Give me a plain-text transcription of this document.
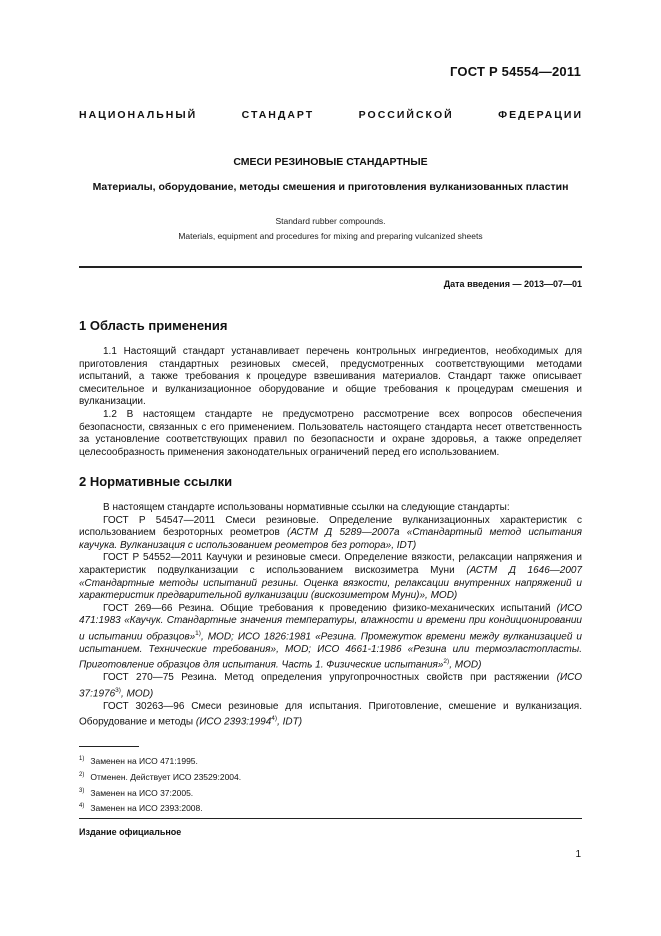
ГОСТ Р 54554—2011
НАЦИОНАЛЬНЫЙ СТАНДАРТ РОССИЙСКОЙ ФЕДЕРАЦИИ
СМЕСИ РЕЗИНОВЫЕ СТАНДАРТНЫЕ
Материалы, оборудование, методы смешения и приготовления вулканизованных пластин
Standard rubber compounds.
Materials, equipment and procedures for mixing and preparing vulcanized sheets
Дата введения — 2013—07—01
1 Область применения

1.1 Настоящий стандарт устанавливает перечень контрольных ингредиентов, необходимых для приготовления стандартных резиновых смесей, предусмотренных соответствующими методами испытаний, а также требования к процедуре взвешивания материалов. Стандарт также описывает смесительное и вулканизационное оборудование и общие требования к процедурам смешения и вулканизации.

1.2 В настоящем стандарте не предусмотрено рассмотрение всех вопросов обеспечения безопасности, связанных с его применением. Пользователь настоящего стандарта несет ответственность за установление соответствующих правил по безопасности и охране здоровья, а также определяет целесообразность применения законодательных ограничений перед его использованием.

2 Нормативные ссылки

В настоящем стандарте использованы нормативные ссылки на следующие стандарты:

ГОСТ Р 54547—2011 Смеси резиновые. Определение вулканизационных характеристик с использованием безроторных реометров (АСТМ Д 5289—2007а «Стандартный метод испытания каучука. Вулканизация с использованием реометров без ротора», IDT)

ГОСТ Р 54552—2011 Каучуки и резиновые смеси. Определение вязкости, релаксации напряжения и характеристик подвулканизации с использованием вискозиметра Муни (АСТМ Д 1646—2007 «Стандартные методы испытаний резины. Оценка вязкости, релаксации внутренних напряжений и характеристик предварительной вулканизации (вискозиметром Муни)», MOD)

ГОСТ 269—66 Резина. Общие требования к проведению физико-механических испытаний (ИСО 471:1983 «Каучук. Стандартные значения температуры, влажности и времени при кондиционировании и испытании образцов»$^{1)}$, MOD; ИСО 1826:1981 «Резина. Промежуток времени между вулканизацией и испытанием. Технические требования», MOD; ИСО 4661-1:1986 «Резина или термоэластопласты. Приготовление образцов для испытания. Часть 1. Физические испытания»$^{2)}$, MOD)

ГОСТ 270—75 Резина. Метод определения упругопрочностных свойств при растяжении (ИСО 37:1976$^{3)}$, MOD)

ГОСТ 30263—96 Смеси резиновые для испытания. Приготовление, смешение и вулканизация. Оборудование и методы (ИСО 2393:1994$^{4)}$, IDT)

$^{1)}$ Заменен на ИСО 471:1995.
$^{2)}$ Отменен. Действует ИСО 23529:2004.
$^{3)}$ Заменен на ИСО 37:2005.
$^{4)}$ Заменен на ИСО 2393:2008.
Издание официальное
1
